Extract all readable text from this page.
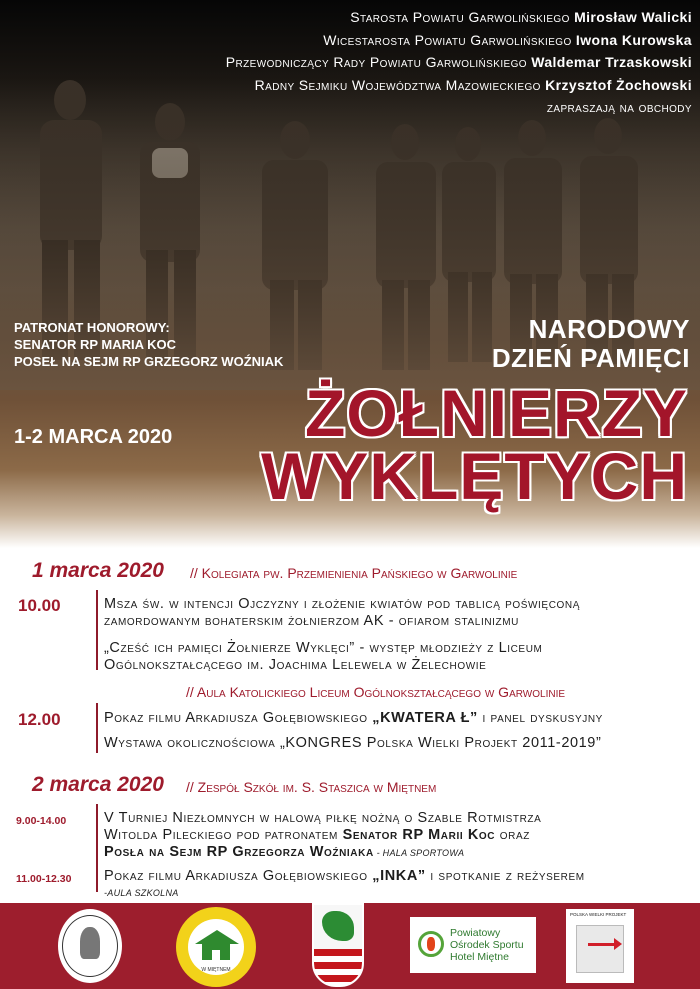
Starosta Powiatu Garwolińskiego Mirosław Walicki
Wicestarosta Powiatu Garwolińskiego Iwona Kurowska
Przewodniczący Rady Powiatu Garwolińskiego Waldemar Trzaskowski
Radny Sejmiku Województwa Mazowieckiego Krzysztof Żochowski
zapraszają na obchody
PATRONAT HONOROWY:
SENATOR RP MARIA KOC
POSEŁ NA SEJM RP GRZEGORZ WOŹNIAK
1-2 MARCA 2020
NARODOWY
DZIEŃ PAMIĘCI
ŻOŁNIERZY
WYKLĘTYCH
1 marca 2020 // Kolegiata pw. Przemienienia Pańskiego w Garwolinie
10.00	Msza św. w intencji Ojczyzny i złożenie kwiatów pod tablicą poświęconą
zamordowanym bohaterskim żołnierzom AK - ofiarom stalinizmu
„Cześć ich pamięci Żołnierze Wyklęci” - występ młodzieży z Liceum
Ogólnokształcącego im. Joachima Lelewela w Żelechowie
// Aula Katolickiego Liceum Ogólnokształcącego w Garwolinie
12.00	Pokaz filmu Arkadiusza Gołębiowskiego „KWATERA Ł” i panel dyskusyjny
Wystawa okolicznościowa „KONGRES Polska Wielki Projekt 2011-2019”
2 marca 2020 // Zespół Szkół im. S. Staszica w Miętnem
9.00-14.00	V Turniej Niezłomnych w halową piłkę nożną o Szable Rotmistrza
Witolda Pileckiego pod patronatem Senator RP Marii Koc oraz
Posła na Sejm RP Grzegorza Woźniaka - HALA SPORTOWA
11.00-12.30 Pokaz filmu Arkadiusza Gołębiowskiego „INKA” i spotkanie z reżyserem
-AULA SZKOLNA
W MIĘTNEM
Powiatowy
Ośrodek Sportu
Hotel Miętne
POLSKA WIELKI PROJEKT
